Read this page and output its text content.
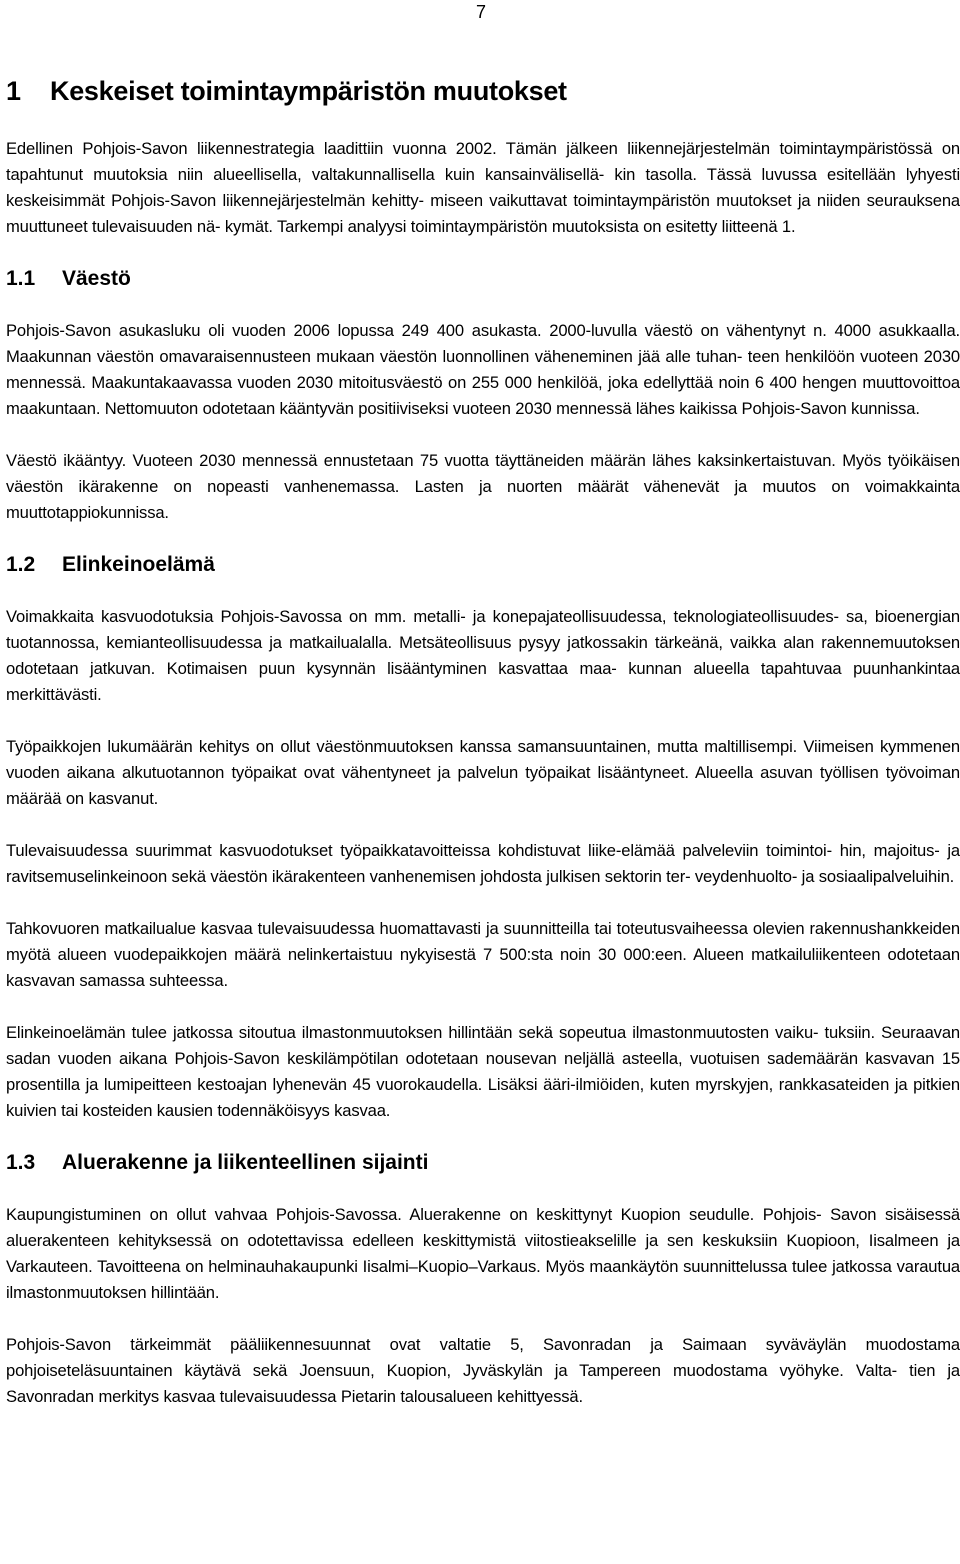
7
1 Keskeiset toimintaympäristön muutokset

Edellinen Pohjois-Savon liikennestrategia laadittiin vuonna 2002. Tämän jälkeen liikennejärjestelmän toimintaympäristössä on tapahtunut muutoksia niin alueellisella, valtakunnallisella kuin kansainvälisellä- kin tasolla. Tässä luvussa esitellään lyhyesti keskeisimmät Pohjois-Savon liikennejärjestelmän kehitty- miseen vaikuttavat toimintaympäristön muutokset ja niiden seurauksena muuttuneet tulevaisuuden nä- kymät. Tarkempi analyysi toimintaympäristön muutoksista on esitetty liitteenä 1.

1.1 Väestö

Pohjois-Savon asukasluku oli vuoden 2006 lopussa 249 400 asukasta. 2000-luvulla väestö on vähentynyt n. 4000 asukkaalla. Maakunnan väestön omavaraisennusteen mukaan väestön luonnollinen väheneminen jää alle tuhan- teen henkilöön vuoteen 2030 mennessä. Maakuntakaavassa vuoden 2030 mitoitusväestö on 255 000 henkilöä, joka edellyttää noin 6 400 hengen muuttovoittoa maakuntaan. Nettomuuton odotetaan kääntyvän positiiviseksi vuoteen 2030 mennessä lähes kaikissa Pohjois-Savon kunnissa.

Väestö ikääntyy. Vuoteen 2030 mennessä ennustetaan 75 vuotta täyttäneiden määrän lähes kaksinkertaistuvan. Myös työikäisen väestön ikärakenne on nopeasti vanhenemassa. Lasten ja nuorten määrät vähenevät ja muutos on voimakkainta muuttotappiokunnissa.

1.2 Elinkeinoelämä

Voimakkaita kasvuodotuksia Pohjois-Savossa on mm. metalli- ja konepajateollisuudessa, teknologiateollisuudes- sa, bioenergian tuotannossa, kemianteollisuudessa ja matkailualalla. Metsäteollisuus pysyy jatkossakin tärkeänä, vaikka alan rakennemuutoksen odotetaan jatkuvan. Kotimaisen puun kysynnän lisääntyminen kasvattaa maa- kunnan alueella tapahtuvaa puunhankintaa merkittävästi.

Työpaikkojen lukumäärän kehitys on ollut väestönmuutoksen kanssa samansuuntainen, mutta maltillisempi. Viimeisen kymmenen vuoden aikana alkutuotannon työpaikat ovat vähentyneet ja palvelun työpaikat lisääntyneet. Alueella asuvan työllisen työvoiman määrää on kasvanut.

Tulevaisuudessa suurimmat kasvuodotukset työpaikkatavoitteissa kohdistuvat liike-elämää palveleviin toimintoi- hin, majoitus- ja ravitsemuselinkeinoon sekä väestön ikärakenteen vanhenemisen johdosta julkisen sektorin ter- veydenhuolto- ja sosiaalipalveluihin.

Tahkovuoren matkailualue kasvaa tulevaisuudessa huomattavasti ja suunnitteilla tai toteutusvaiheessa olevien rakennushankkeiden myötä alueen vuodepaikkojen määrä nelinkertaistuu nykyisestä 7 500:sta noin 30 000:een. Alueen matkailuliikenteen odotetaan kasvavan samassa suhteessa.

Elinkeinoelämän tulee jatkossa sitoutua ilmastonmuutoksen hillintään sekä sopeutua ilmastonmuutosten vaiku- tuksiin. Seuraavan sadan vuoden aikana Pohjois-Savon keskilämpötilan odotetaan nousevan neljällä asteella, vuotuisen sademäärän kasvavan 15 prosentilla ja lumipeitteen kestoajan lyhenevän 45 vuorokaudella. Lisäksi ääri-ilmiöiden, kuten myrskyjen, rankkasateiden ja pitkien kuivien tai kosteiden kausien todennäköisyys kasvaa.

1.3 Aluerakenne ja liikenteellinen sijainti

Kaupungistuminen on ollut vahvaa Pohjois-Savossa. Aluerakenne on keskittynyt Kuopion seudulle. Pohjois- Savon sisäisessä aluerakenteen kehityksessä on odotettavissa edelleen keskittymistä viitostieakselille ja sen keskuksiin Kuopioon, Iisalmeen ja Varkauteen. Tavoitteena on helminauhakaupunki Iisalmi–Kuopio–Varkaus. Myös maankäytön suunnittelussa tulee jatkossa varautua ilmastonmuutoksen hillintään.

Pohjois-Savon tärkeimmät pääliikennesuunnat ovat valtatie 5, Savonradan ja Saimaan syväväylän muodostama pohjoiseteläsuuntainen käytävä sekä Joensuun, Kuopion, Jyväskylän ja Tampereen muodostama vyöhyke. Valta- tien ja Savonradan merkitys kasvaa tulevaisuudessa Pietarin talousalueen kehittyessä.
